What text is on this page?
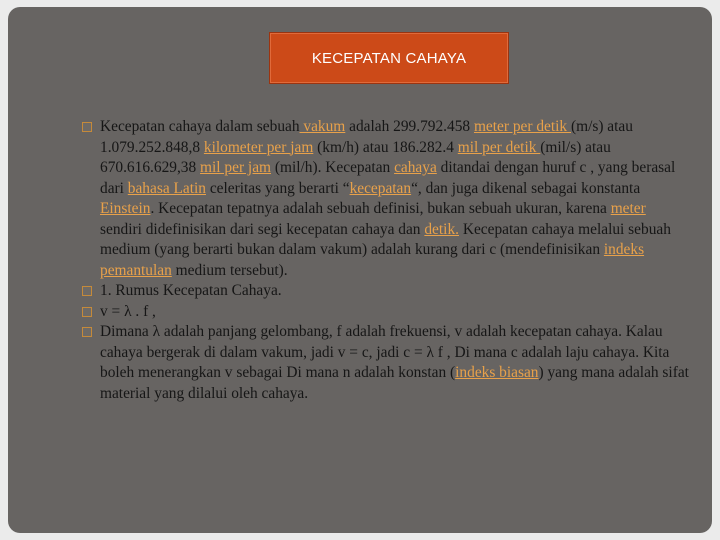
KECEPATAN CAHAYA
Kecepatan cahaya dalam sebuah vakum adalah 299.792.458 meter per detik (m/s) atau 1.079.252.848,8 kilometer per jam (km/h) atau 186.282.4 mil per detik (mil/s) atau 670.616.629,38 mil per jam (mil/h). Kecepatan cahaya ditandai dengan huruf c , yang berasal dari bahasa Latin celeritas yang berarti “kecepatan“, dan juga dikenal sebagai konstanta Einstein. Kecepatan tepatnya adalah sebuah definisi, bukan sebuah ukuran, karena meter sendiri didefinisikan dari segi kecepatan cahaya dan detik. Kecepatan cahaya melalui sebuah medium (yang berarti bukan dalam vakum) adalah kurang dari c (mendefinisikan indeks pemantulan medium tersebut).
1. Rumus Kecepatan Cahaya.
v = λ . f ,
Dimana λ adalah panjang gelombang, f adalah frekuensi, v adalah kecepatan cahaya. Kalau cahaya bergerak di dalam vakum, jadi v = c, jadi c = λ f , Di mana c adalah laju cahaya. Kita boleh menerangkan v sebagai Di mana n adalah konstan (indeks biasan) yang mana adalah sifat material yang dilalui oleh cahaya.
